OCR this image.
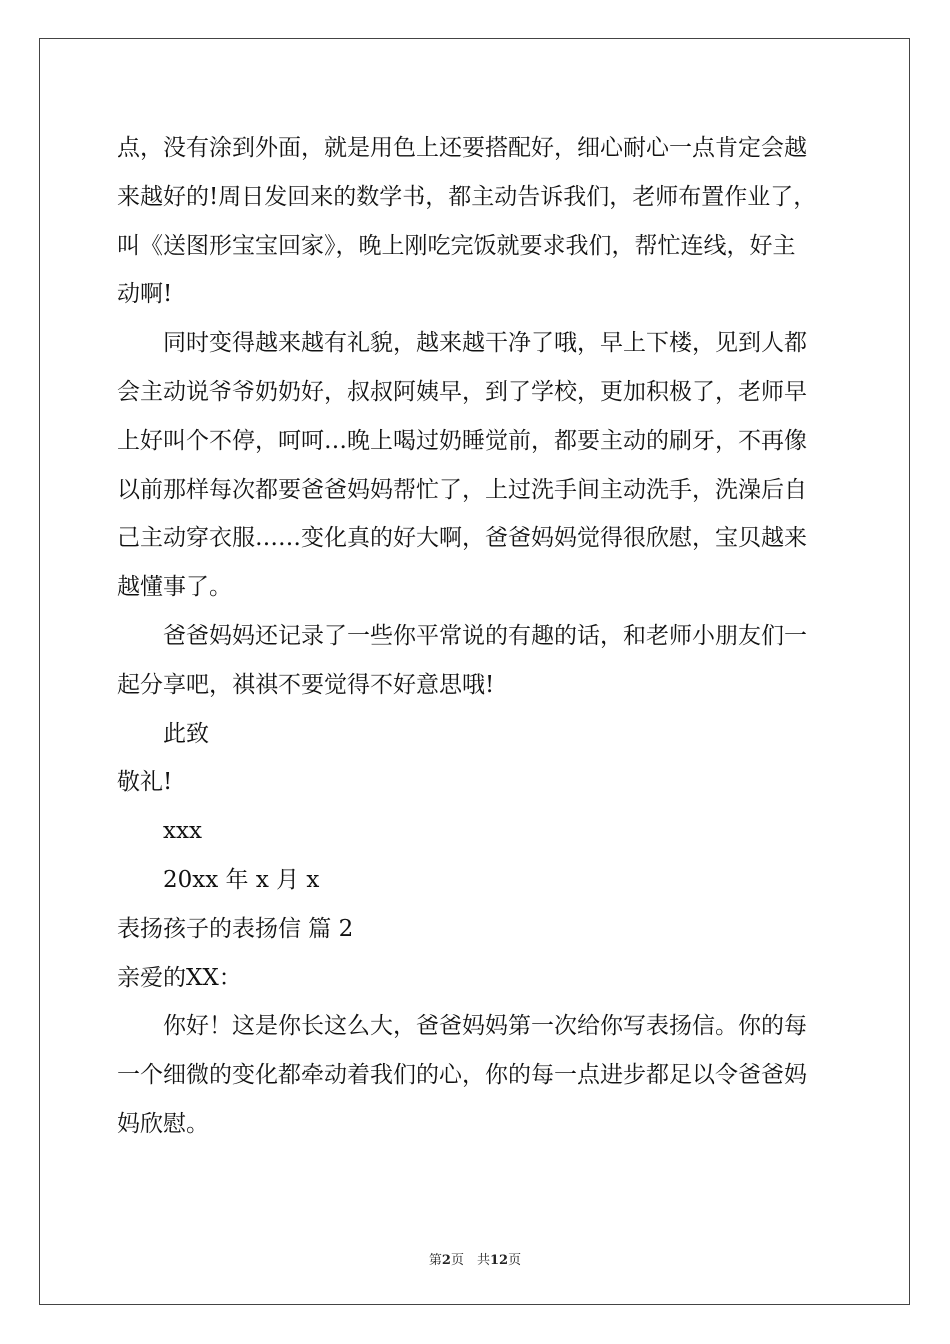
点，没有涂到外面，就是用色上还要搭配好，细心耐心一点肯定会越
来越好的!周日发回来的数学书，都主动告诉我们，老师布置作业了，
叫《送图形宝宝回家》，晚上刚吃完饭就要求我们，帮忙连线，好主
动啊!
　　同时变得越来越有礼貌，越来越干净了哦，早上下楼，见到人都
会主动说爷爷奶奶好，叔叔阿姨早，到了学校，更加积极了，老师早
上好叫个不停，呵呵…晚上喝过奶睡觉前，都要主动的刷牙，不再像
以前那样每次都要爸爸妈妈帮忙了，上过洗手间主动洗手，洗澡后自
己主动穿衣服……变化真的好大啊，爸爸妈妈觉得很欣慰，宝贝越来
越懂事了。
　　爸爸妈妈还记录了一些你平常说的有趣的话，和老师小朋友们一
起分享吧，祺祺不要觉得不好意思哦!
　　此致
敬礼!
　　xxx
　　20xx 年 x 月 x
表扬孩子的表扬信 篇 2
亲爱的XX：
　　你好！这是你长这么大，爸爸妈妈第一次给你写表扬信。你的每
一个细微的变化都牵动着我们的心，你的每一点进步都足以令爸爸妈
妈欣慰。
第2页　共12页
